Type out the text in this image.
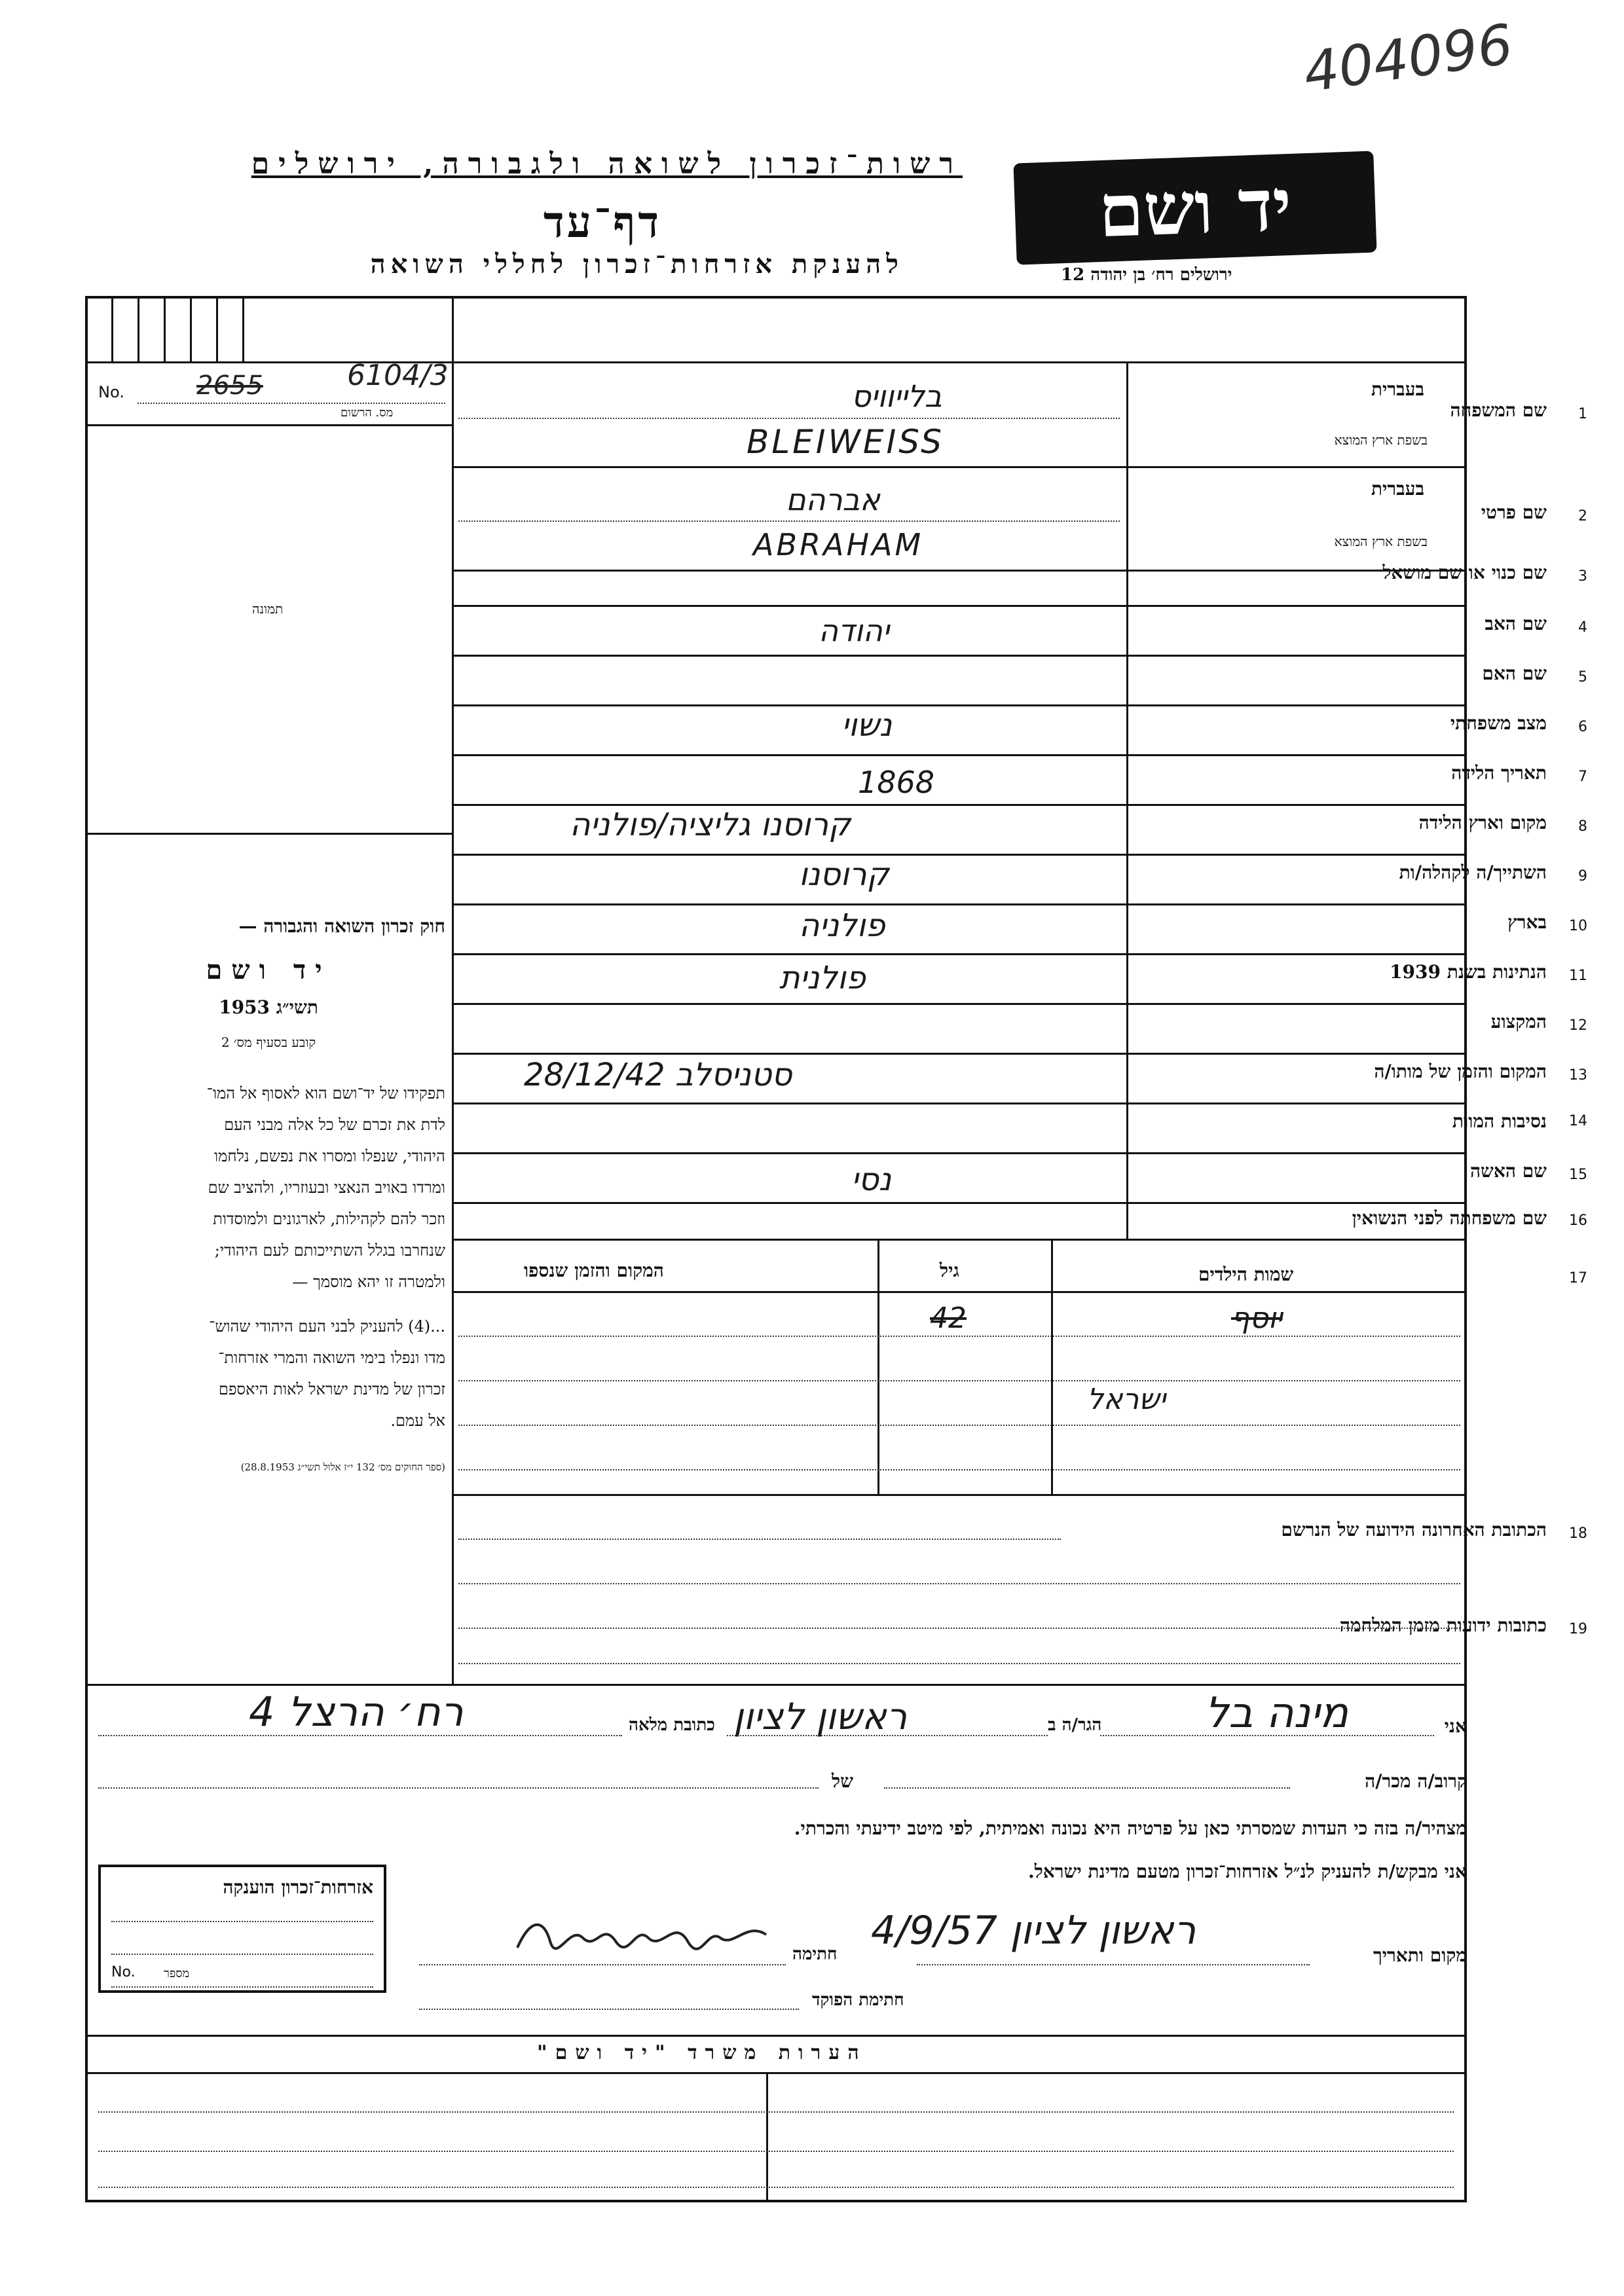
404096
רשות־זכרון לשואה ולגבורה, ירושלים
דף־עד
להענקת אזרחות־זכרון לחללי השואה
יד ושם
ירושלים רח׳ בן יהודה 12
No.	2655	6104/3
מס. הרשום
תמונה
חוק זכרון השואה והגבורה —
יד ושם
תשי״ג 1953
קובע בסעיף מס׳ 2
תפקידו של יד־ושם הוא לאסוף אל המו־
לדת את זכרם של כל אלה מבני העם
היהודי, שנפלו ומסרו את נפשם, נלחמו
ומרדו באויב הנאצי ובעוזריו, ולהציב שם
וזכר להם לקהילות, לארגונים ולמוסדות
שנחרבו בגלל השתייכותם לעם היהודי;
ולמטרה זו יהא מוסמך —
...(4) להעניק לבני העם היהודי שהוש־
מדו ונפלו בימי השואה והמרי אזרחות־
זכרון של מדינת ישראל לאות היאספם
אל עמם.
(ספר החוקים מס׳ 132 י״ז אלול תשי״ג 28.8.1953)
1
שם המשפחה
בעברית
בשפת ארץ המוצא
בלייוויס
BLEIWEISS
2
שם פרטי
בעברית
בשפת ארץ המוצא
אברהם
ABRAHAM
3
שם כנוי או שם מושאל
4
שם האב
יהודה
5
שם האם
6
מצב משפחתי
נשוי
7
תאריך הלידה
1868
8
מקום וארץ הלידה
קרוסנו גליציה/פולניה
9
השתייך/ה לקהלה/ות
קרוסנו
10
בארץ
פולניה
11
הנתינות בשנת 1939
פולנית
12
המקצוע
13
המקום והזמן של מותו/ה
סטניסלב 28/12/42
14
נסיבות המוות
15
שם האשה
נסי
16
שם משפחתה לפני הנשואין
17
שמות הילדים
גיל
המקום והזמן שנספו
יוסף
42
ישראל
18
הכתובת האחרונה הידועה של הנרשם
19
כתובות ידועות מזמן המלחמה
אני
מינה בל
הגר/ה ב
ראשון לציון
כתובת מלאה
רח׳ הרצל 4
קרוב/ה מכר/ה
של
מצהיר/ה בזה כי העדות שמסרתי כאן על פרטיה היא נכונה ואמיתית, לפי מיטב ידיעתי והכרתי.
אני מבקש/ת להעניק לנ״ל אזרחות־זכרון מטעם מדינת ישראל.
אזרחות־זכרון הוענקה
No. מספר
מקום ותאריך
ראשון לציון 4/9/57
חתימה
חתימת הפוקד
הערות משרד "יד ושם"
